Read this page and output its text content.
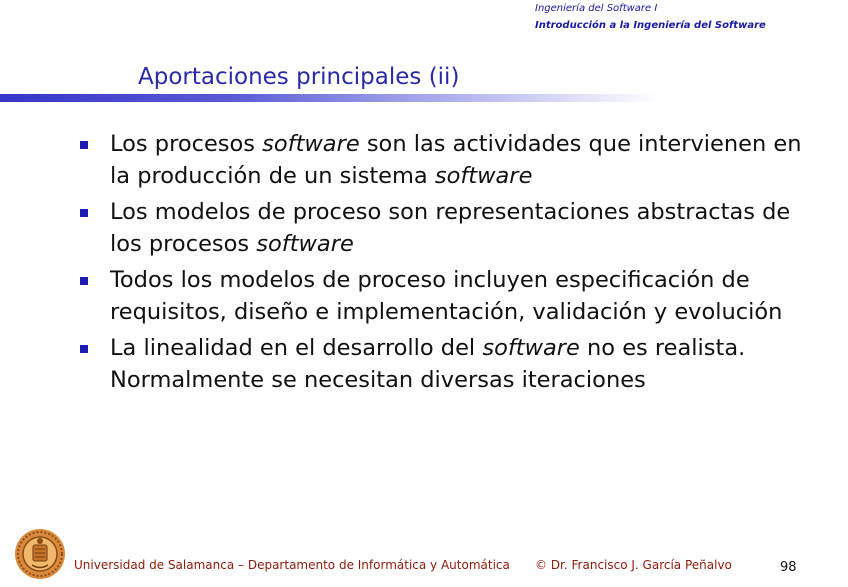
Ingeniería del Software I
Introducción a la Ingeniería del Software
Aportaciones principales (ii)
Los procesos software son las actividades que intervienen en
la producción de un sistema software
Los modelos de proceso son representaciones abstractas de
los procesos software
Todos los modelos de proceso incluyen especificación de
requisitos, diseño e implementación, validación y evolución
La linealidad en el desarrollo del software no es realista.
Normalmente se necesitan diversas iteraciones
Universidad de Salamanca – Departamento de Informática y Automática © Dr. Francisco J. García Peñalvo	98
